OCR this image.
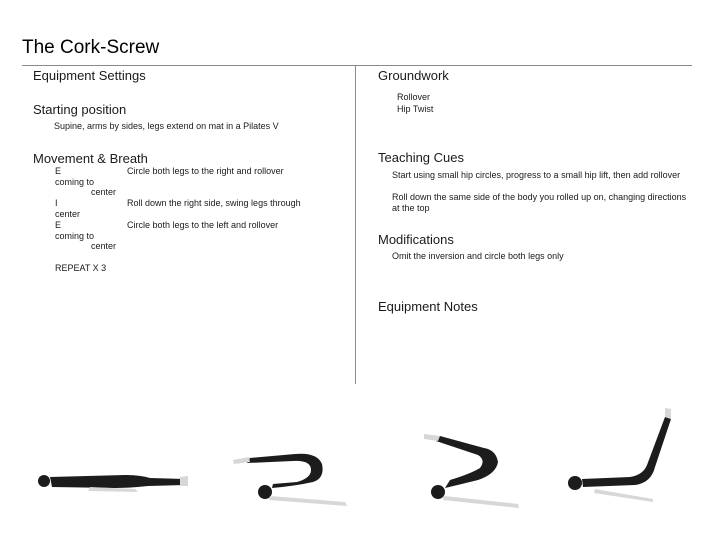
The Cork-Screw
Equipment Settings
Starting position
Supine, arms by sides, legs extend on mat in a Pilates V
Movement & Breath
E
coming to
center
Circle both legs to the right and rollover
I
center
Roll down the right side, swing legs through
E
coming to
center
Circle both legs to the left and rollover
REPEAT X 3
Groundwork
Rollover
Hip Twist
Teaching Cues
Start using small hip circles, progress to a small hip lift, then add rollover
Roll down the same side of the body you rolled up on, changing directions at the top
Modifications
Omit the inversion and circle both legs only
Equipment Notes
